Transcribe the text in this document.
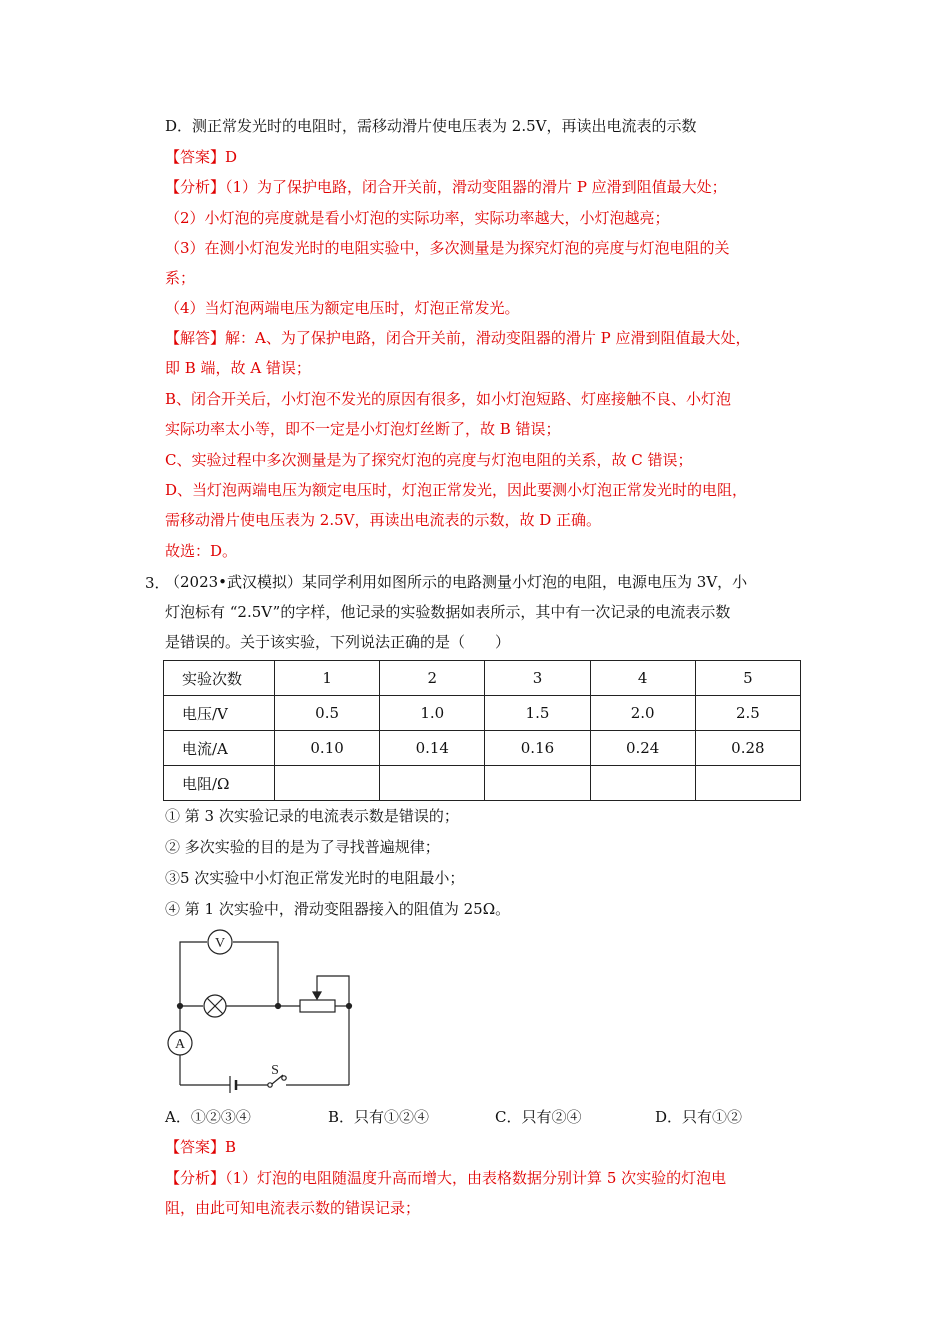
D．测正常发光时的电阻时，需移动滑片使电压表为 2.5V，再读出电流表的示数
【答案】D
【分析】（1）为了保护电路，闭合开关前，滑动变阻器的滑片 P 应滑到阻值最大处；
（2）小灯泡的亮度就是看小灯泡的实际功率，实际功率越大，小灯泡越亮；
（3）在测小灯泡发光时的电阻实验中，多次测量是为探究灯泡的亮度与灯泡电阻的关
系；
（4）当灯泡两端电压为额定电压时，灯泡正常发光。
【解答】解：A、为了保护电路，闭合开关前，滑动变阻器的滑片 P 应滑到阻值最大处，
即 B 端，故 A 错误；
B、闭合开关后，小灯泡不发光的原因有很多，如小灯泡短路、灯座接触不良、小灯泡
实际功率太小等，即不一定是小灯泡灯丝断了，故 B 错误；
C、实验过程中多次测量是为了探究灯泡的亮度与灯泡电阻的关系，故 C 错误；
D、当灯泡两端电压为额定电压时，灯泡正常发光，因此要测小灯泡正常发光时的电阻，
需移动滑片使电压表为 2.5V，再读出电流表的示数，故 D 正确。
故选：D。
3．
（2023•武汉模拟）某同学利用如图所示的电路测量小灯泡的电阻，电源电压为 3V，小
灯泡标有 “2.5V”的字样，他记录的实验数据如表所示，其中有一次记录的电流表示数
是错误的。关于该实验，下列说法正确的是（　　）
实验次数	1	2	3	4	5
电压/V	0.5	1.0	1.5	2.0	2.5
电流/A	0.10	0.14	0.16	0.24	0.28
电阻/Ω					
① 第 3 次实验记录的电流表示数是错误的；
② 多次实验的目的是为了寻找普遍规律；
③5 次实验中小灯泡正常发光时的电阻最小；
④ 第 1 次实验中，滑动变阻器接入的阻值为 25Ω。
V
A
S
A．①②③④	B．只有①②④	C．只有②④	D．只有①②
【答案】B
【分析】（1）灯泡的电阻随温度升高而增大，由表格数据分别计算 5 次实验的灯泡电
阻，由此可知电流表示数的错误记录；
